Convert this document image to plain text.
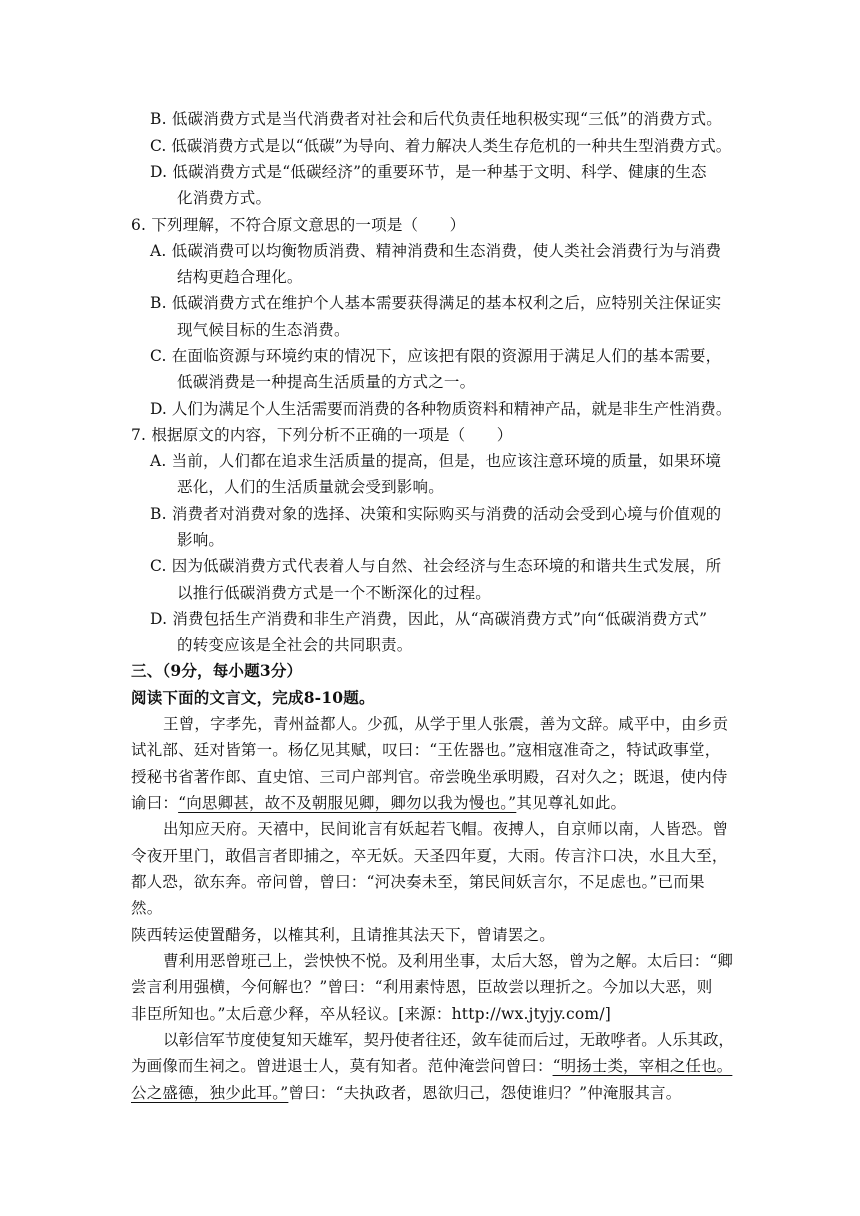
B. 低碳消费方式是当代消费者对社会和后代负责任地积极实现“三低”的消费方式。
C. 低碳消费方式是以“低碳”为导向、着力解决人类生存危机的一种共生型消费方式。
D. 低碳消费方式是“低碳经济”的重要环节，是一种基于文明、科学、健康的生态
化消费方式。
6. 下列理解，不符合原文意思的一项是（　　）
A. 低碳消费可以均衡物质消费、精神消费和生态消费，使人类社会消费行为与消费
结构更趋合理化。
B. 低碳消费方式在维护个人基本需要获得满足的基本权利之后，应特别关注保证实
现气候目标的生态消费。
C. 在面临资源与环境约束的情况下，应该把有限的资源用于满足人们的基本需要，
低碳消费是一种提高生活质量的方式之一。
D. 人们为满足个人生活需要而消费的各种物质资料和精神产品，就是非生产性消费。
7. 根据原文的内容，下列分析不正确的一项是（　　）
A. 当前，人们都在追求生活质量的提高，但是，也应该注意环境的质量，如果环境
恶化，人们的生活质量就会受到影响。
B. 消费者对消费对象的选择、决策和实际购买与消费的活动会受到心境与价值观的
影响。
C. 因为低碳消费方式代表着人与自然、社会经济与生态环境的和谐共生式发展，所
以推行低碳消费方式是一个不断深化的过程。
D. 消费包括生产消费和非生产消费，因此，从“高碳消费方式”向“低碳消费方式”
的转变应该是全社会的共同职责。
三、（9分，每小题3分）
阅读下面的文言文，完成8-10题。
王曾，字孝先，青州益都人。少孤，从学于里人张震，善为文辞。咸平中，由乡贡
试礼部、廷对皆第一。杨亿见其赋，叹曰：“王佐器也。”寇相寇准奇之，特试政事堂，
授秘书省著作郎、直史馆、三司户部判官。帝尝晚坐承明殿，召对久之；既退，使内侍
谕曰：“向思卿甚，故不及朝服见卿，卿勿以我为慢也。”其见尊礼如此。
出知应天府。天禧中，民间讹言有妖起若飞帽。夜搏人，自京师以南，人皆恐。曾
令夜开里门，敢倡言者即捕之，卒无妖。天圣四年夏，大雨。传言汴口决，水且大至，
都人恐，欲东奔。帝问曾，曾曰：“河决奏未至，第民间妖言尔，不足虑也。”已而果
然。
陕西转运使置醋务，以榷其利，且请推其法天下，曾请罢之。
曹利用恶曾班己上，尝怏怏不悦。及利用坐事，太后大怒，曾为之解。太后曰：“卿
尝言利用强横，今何解也？”曾曰：“利用素恃恩，臣故尝以理折之。今加以大恶，则
非臣所知也。”太后意少释，卒从轻议。[来源：http://wx.jtyjy.com/]
以彰信军节度使复知天雄军，契丹使者往还，敛车徒而后过，无敢哗者。人乐其政，
为画像而生祠之。曾进退士人，莫有知者。范仲淹尝问曾曰：“明扬士类，宰相之任也。
公之盛德，独少此耳。”曾曰：“夫执政者，恩欲归己，怨使谁归？”仲淹服其言。
